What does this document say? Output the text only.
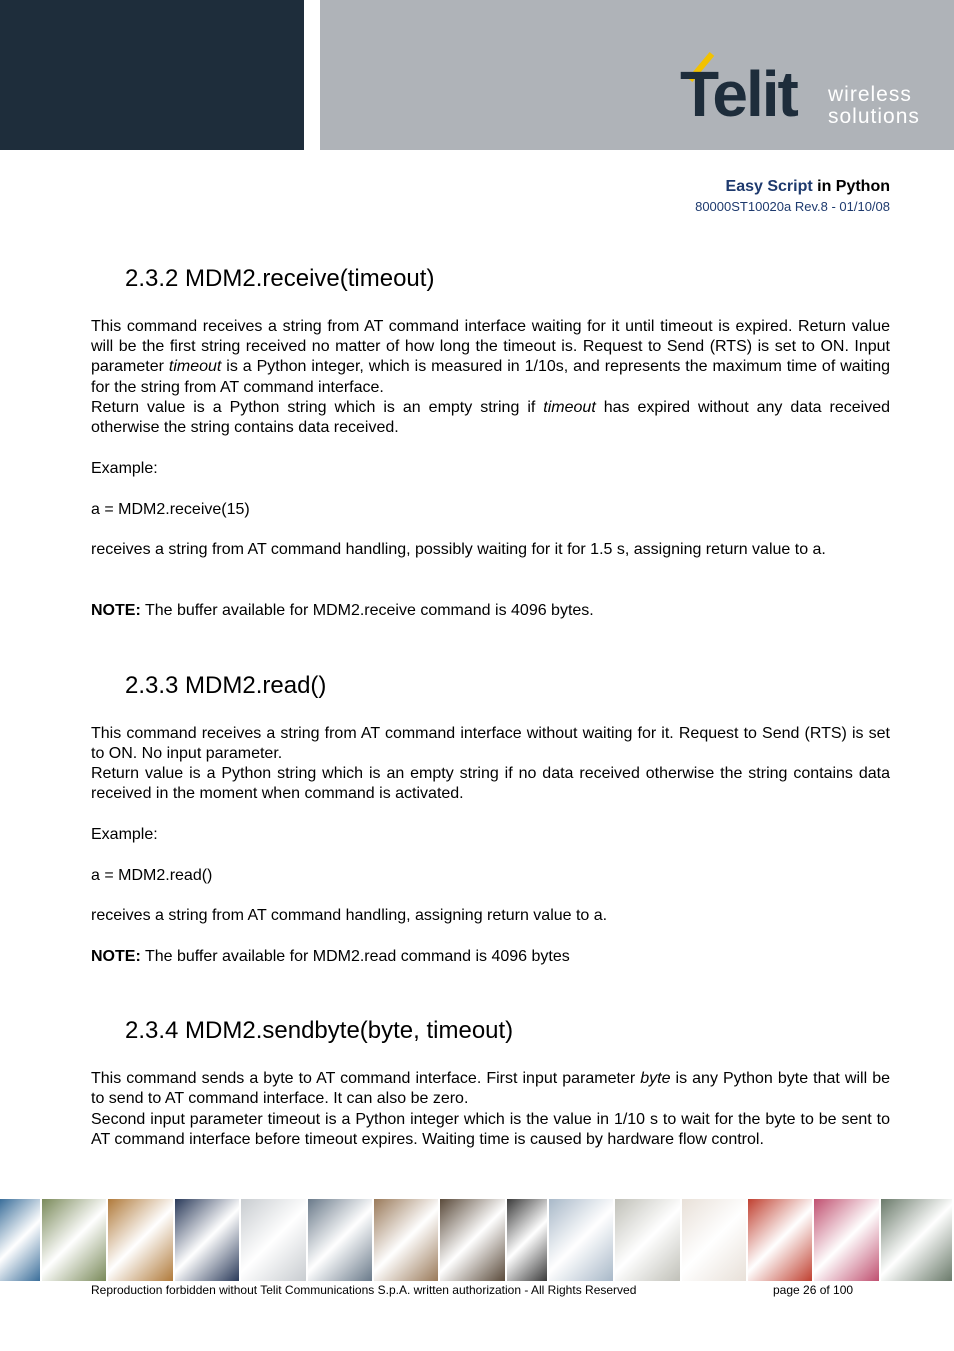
Telit wireless
solutions
Easy Script in Python
80000ST10020a Rev.8 - 01/10/08
2.3.2 MDM2.receive(timeout)

This command receives a string from AT command interface waiting for it until timeout is expired. Return value will be the first string received no matter of how long the timeout is. Request to Send (RTS) is set to ON. Input parameter timeout is a Python integer, which is measured in 1/10s, and represents the maximum time of waiting for the string from AT command interface.

Return value is a Python string which is an empty string if timeout has expired without any data received otherwise the string contains data received.

Example:

a = MDM2.receive(15)

receives a string from AT command handling, possibly waiting for it for 1.5 s, assigning return value to a.

NOTE: The buffer available for MDM2.receive command is 4096 bytes.

2.3.3 MDM2.read()

This command receives a string from AT command interface without waiting for it. Request to Send (RTS) is set to ON. No input parameter.

Return value is a Python string which is an empty string if no data received otherwise the string contains data received in the moment when command is activated.

Example:

a = MDM2.read()

receives a string from AT command handling, assigning return value to a.

NOTE: The buffer available for MDM2.read command is 4096 bytes

2.3.4 MDM2.sendbyte(byte, timeout)

This command sends a byte to AT command interface. First input parameter byte is any Python byte that will be to send to AT command interface. It can also be zero.

Second input parameter timeout is a Python integer which is the value in 1/10 s to wait for the byte to be sent to AT command interface before timeout expires. Waiting time is caused by hardware flow control.

Reproduction forbidden without Telit Communications S.p.A. written authorization - All Rights Reserved	page 26 of 100
